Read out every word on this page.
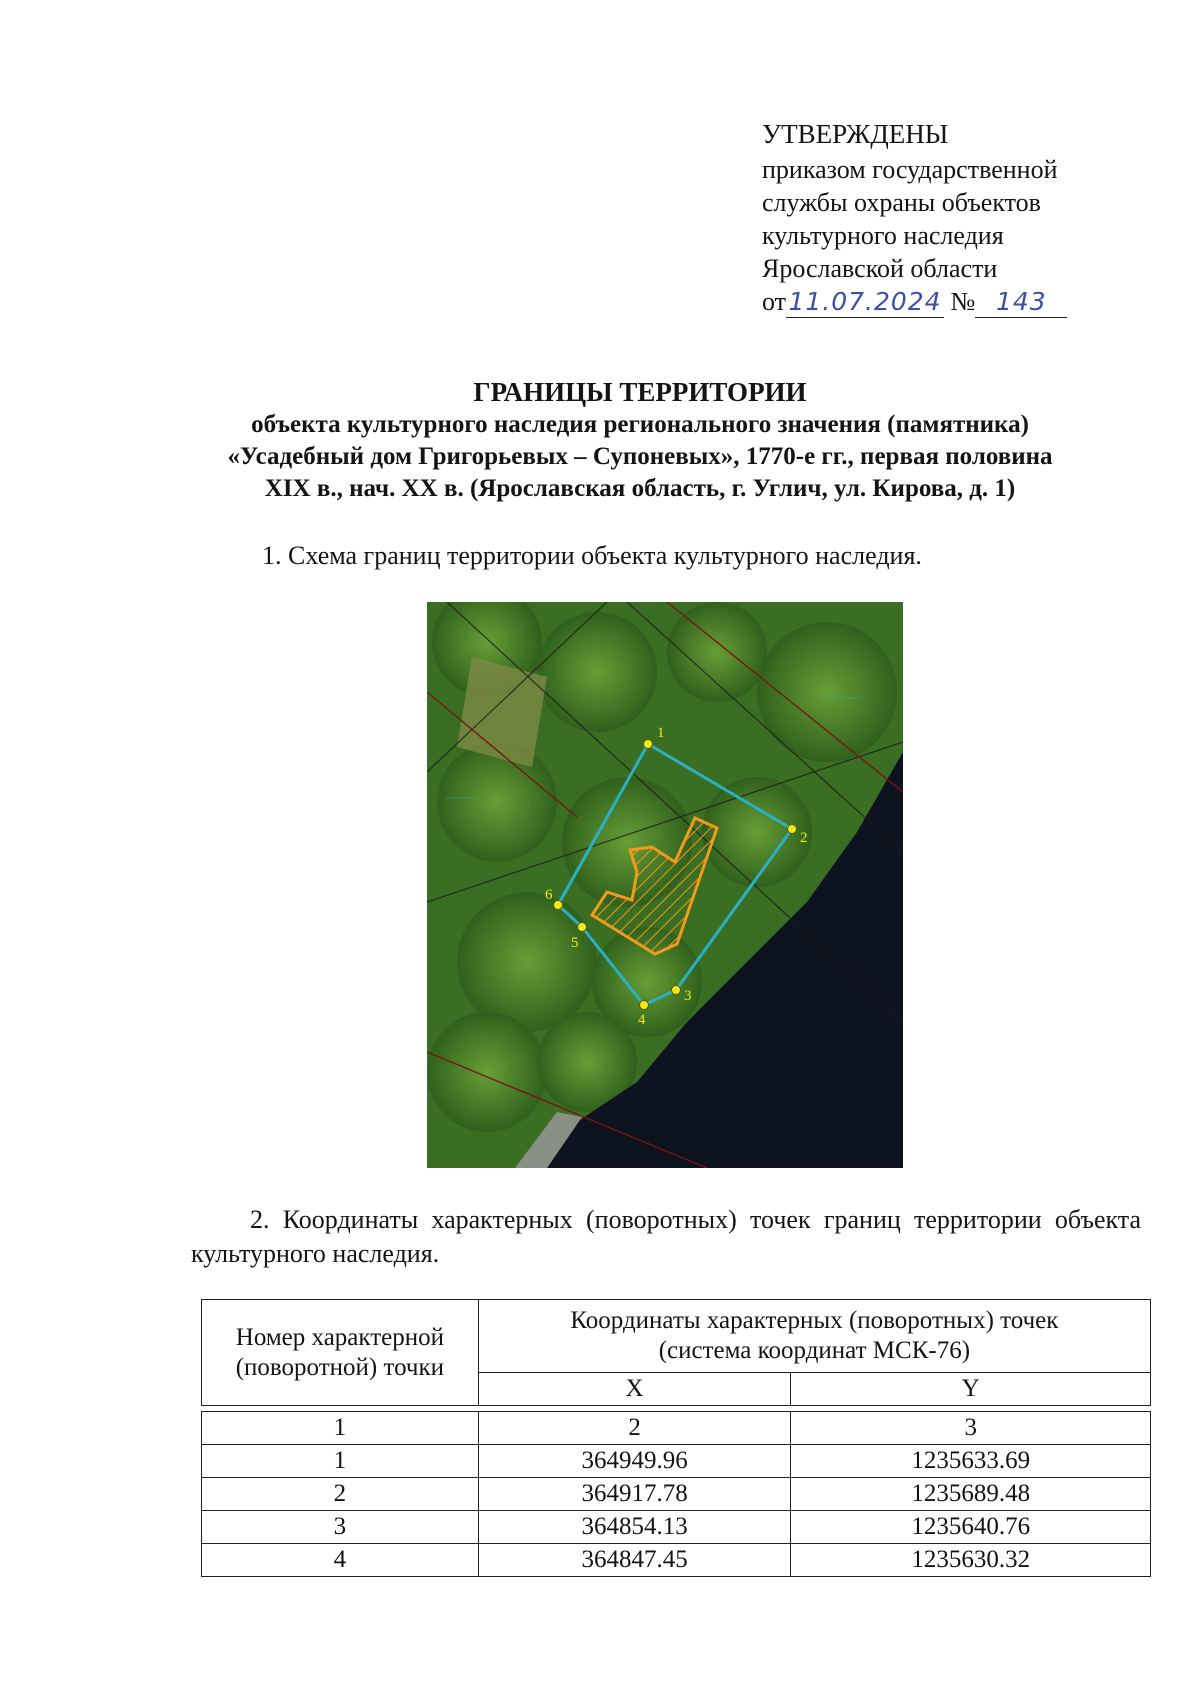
УТВЕРЖДЕНЫ
приказом государственной
службы охраны объектов
культурного наследия
Ярославской области
от11.07.2024 № 143
ГРАНИЦЫ ТЕРРИТОРИИ
объекта культурного наследия регионального значения (памятника)
«Усадебный дом Григорьевых – Супоневых», 1770-е гг., первая половина
XIX в., нач. XX в. (Ярославская область, г. Углич, ул. Кирова, д. 1)
1. Схема границ территории объекта культурного наследия.
~~~~~~~~
~~~~~~
1
2
3
4
5
6
2. Координаты характерных (поворотных) точек границ территории объекта культурного наследия.
Номер характерной (поворотной) точки	Координаты характерных (поворотных) точек
(система координат МСК-76)	

	X	Y

1	2	3
1	364949.96	1235633.69
2	364917.78	1235689.48
3	364854.13	1235640.76
4	364847.45	1235630.32
